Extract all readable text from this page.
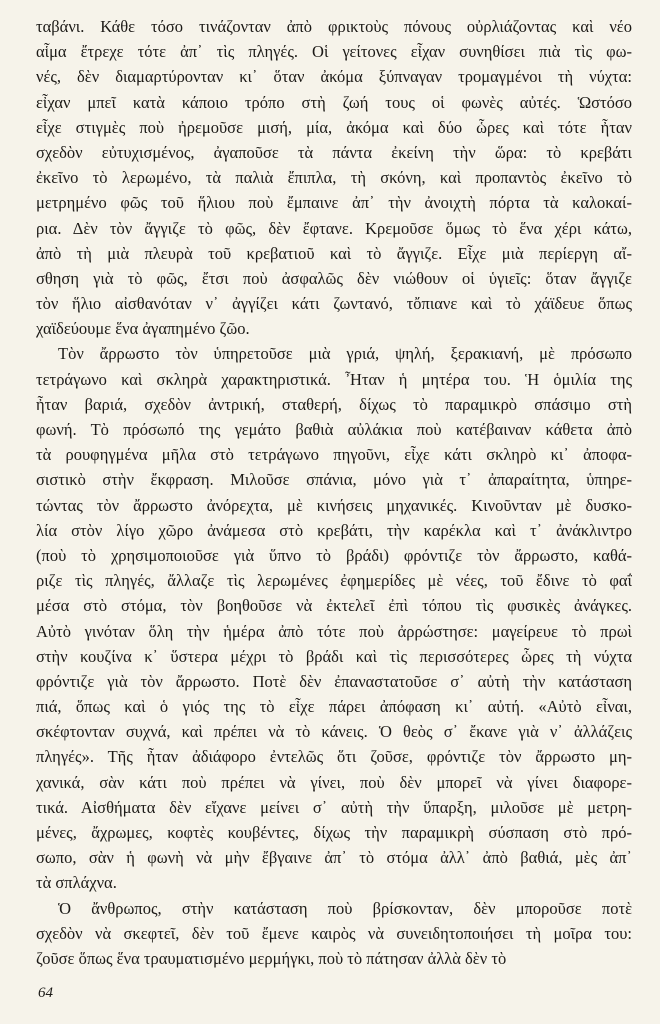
ταβάνι. Κάθε τόσο τινάζονταν ἀπὸ φρικτοὺς πόνους οὐρλιάζοντας καὶ νέο
αἷμα ἔτρεχε τότε ἀπ᾽ τὶς πληγές. Οἱ γείτονες εἶχαν συνηθίσει πιὰ τὶς φω-
νές, δὲν διαμαρτύρονταν κι᾽ ὅταν ἀκόμα ξύπναγαν τρομαγμένοι τὴ νύχτα:
εἶχαν μπεῖ κατὰ κάποιο τρόπο στὴ ζωή τους οἱ φωνὲς αὐτές. Ὡστόσο
εἶχε στιγμὲς ποὺ ἠρεμοῦσε μισή, μία, ἀκόμα καὶ δύο ὧρες καὶ τότε ἦταν
σχεδὸν εὐτυχισμένος, ἀγαποῦσε τὰ πάντα ἐκείνη τὴν ὥρα: τὸ κρεβάτι
ἐκεῖνο τὸ λερωμένο, τὰ παλιὰ ἔπιπλα, τὴ σκόνη, καὶ προπαντὸς ἐκεῖνο τὸ
μετρημένο φῶς τοῦ ἥλιου ποὺ ἔμπαινε ἀπ᾽ τὴν ἀνοιχτὴ πόρτα τὰ καλοκαί-
ρια. Δὲν τὸν ἄγγιζε τὸ φῶς, δὲν ἔφτανε. Κρεμοῦσε ὅμως τὸ ἕνα χέρι κάτω,
ἀπὸ τὴ μιὰ πλευρὰ τοῦ κρεβατιοῦ καὶ τὸ ἄγγιζε. Εἶχε μιὰ περίεργη αἴ-
σθηση γιὰ τὸ φῶς, ἔτσι ποὺ ἀσφαλῶς δὲν νιώθουν οἱ ὑγιεῖς: ὅταν ἄγγιζε
τὸν ἥλιο αἰσθανόταν ν᾽ ἀγγίζει κάτι ζωντανό, τὄπιανε καὶ τὸ χάϊδευε ὅπως
χαϊδεύουμε ἕνα ἀγαπημένο ζῶο.
Τὸν ἄρρωστο τὸν ὑπηρετοῦσε μιὰ γριά, ψηλή, ξερακιανή, μὲ πρόσωπο
τετράγωνο καὶ σκληρὰ χαρακτηριστικά. Ἦταν ἡ μητέρα του. Ἡ ὁμιλία της
ἦταν βαριά, σχεδὸν ἀντρική, σταθερή, δίχως τὸ παραμικρὸ σπάσιμο στὴ
φωνή. Τὸ πρόσωπό της γεμάτο βαθιὰ αὐλάκια ποὺ κατέβαιναν κάθετα ἀπὸ
τὰ ρουφηγμένα μῆλα στὸ τετράγωνο πηγοῦνι, εἶχε κάτι σκληρὸ κι᾽ ἀποφα-
σιστικὸ στὴν ἔκφραση. Μιλοῦσε σπάνια, μόνο γιὰ τ᾽ ἀπαραίτητα, ὑπηρε-
τώντας τὸν ἄρρωστο ἀνόρεχτα, μὲ κινήσεις μηχανικές. Κινοῦνταν μὲ δυσκο-
λία στὸν λίγο χῶρο ἀνάμεσα στὸ κρεβάτι, τὴν καρέκλα καὶ τ᾽ ἀνάκλιντρο
(ποὺ τὸ χρησιμοποιοῦσε γιὰ ὕπνο τὸ βράδι) φρόντιζε τὸν ἄρρωστο, καθά-
ριζε τὶς πληγές, ἄλλαζε τὶς λερωμένες ἐφημερίδες μὲ νέες, τοῦ ἔδινε τὸ φαΐ
μέσα στὸ στόμα, τὸν βοηθοῦσε νὰ ἐκτελεῖ ἐπὶ τόπου τὶς φυσικὲς ἀνάγκες.
Αὐτὸ γινόταν ὅλη τὴν ἡμέρα ἀπὸ τότε ποὺ ἀρρώστησε: μαγείρευε τὸ πρωὶ
στὴν κουζίνα κ᾽ ὕστερα μέχρι τὸ βράδι καὶ τὶς περισσότερες ὧρες τὴ νύχτα
φρόντιζε γιὰ τὸν ἄρρωστο. Ποτὲ δὲν ἐπαναστατοῦσε σ᾽ αὐτὴ τὴν κατάσταση
πιά, ὅπως καὶ ὁ γιός της τὸ εἶχε πάρει ἀπόφαση κι᾽ αὐτή. «Αὐτὸ εἶναι,
σκέφτονταν συχνά, καὶ πρέπει νὰ τὸ κάνεις. Ὁ θεὸς σ᾽ ἔκανε γιὰ ν᾽ ἀλλάζεις
πληγές». Τῆς ἦταν ἀδιάφορο ἐντελῶς ὅτι ζοῦσε, φρόντιζε τὸν ἄρρωστο μη-
χανικά, σὰν κάτι ποὺ πρέπει νὰ γίνει, ποὺ δὲν μπορεῖ νὰ γίνει διαφορε-
τικά. Αἰσθήματα δὲν εἴχανε μείνει σ᾽ αὐτὴ τὴν ὕπαρξη, μιλοῦσε μὲ μετρη-
μένες, ἄχρωμες, κοφτὲς κουβέντες, δίχως τὴν παραμικρὴ σύσπαση στὸ πρό-
σωπο, σὰν ἡ φωνὴ νὰ μὴν ἔβγαινε ἀπ᾽ τὸ στόμα ἀλλ᾽ ἀπὸ βαθιά, μὲς ἀπ᾽
τὰ σπλάχνα.
Ὁ ἄνθρωπος, στὴν κατάσταση ποὺ βρίσκονταν, δὲν μποροῦσε ποτὲ
σχεδὸν νὰ σκεφτεῖ, δὲν τοῦ ἔμενε καιρὸς νὰ συνειδητοποιήσει τὴ μοῖρα του:
ζοῦσε ὅπως ἕνα τραυματισμένο μερμήγκι, ποὺ τὸ πάτησαν ἀλλὰ δὲν τὸ
64
